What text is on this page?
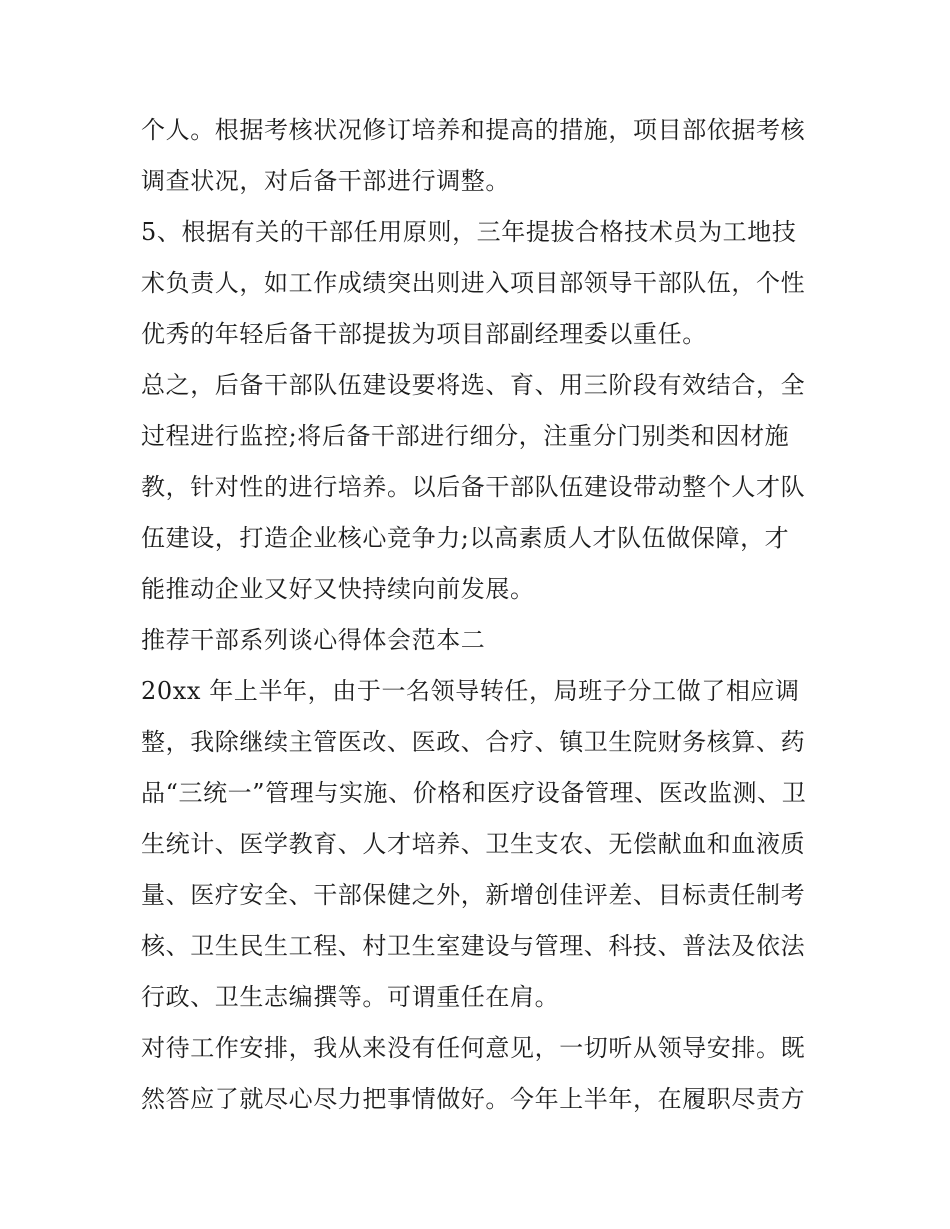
个人。根据考核状况修订培养和提高的措施，项目部依据考核
调查状况，对后备干部进行调整。
5、根据有关的干部任用原则，三年提拔合格技术员为工地技
术负责人，如工作成绩突出则进入项目部领导干部队伍，个性
优秀的年轻后备干部提拔为项目部副经理委以重任。
总之，后备干部队伍建设要将选、育、用三阶段有效结合，全
过程进行监控;将后备干部进行细分，注重分门别类和因材施
教，针对性的进行培养。以后备干部队伍建设带动整个人才队
伍建设，打造企业核心竞争力;以高素质人才队伍做保障，才
能推动企业又好又快持续向前发展。
推荐干部系列谈心得体会范本二
20xx 年上半年，由于一名领导转任，局班子分工做了相应调
整，我除继续主管医改、医政、合疗、镇卫生院财务核算、药
品“三统一”管理与实施、价格和医疗设备管理、医改监测、卫
生统计、医学教育、人才培养、卫生支农、无偿献血和血液质
量、医疗安全、干部保健之外，新增创佳评差、目标责任制考
核、卫生民生工程、村卫生室建设与管理、科技、普法及依法
行政、卫生志编撰等。可谓重任在肩。
对待工作安排，我从来没有任何意见，一切听从领导安排。既
然答应了就尽心尽力把事情做好。今年上半年，在履职尽责方
